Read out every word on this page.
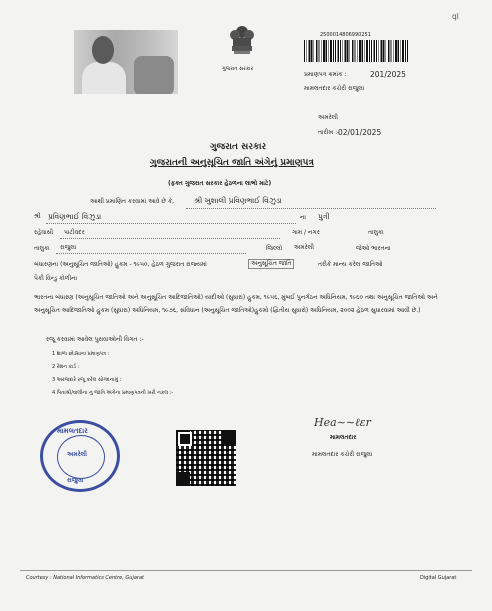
ગુજરાત સરકાર
2500014806990251
ql
પ્રમાણપત્ર ક્રમાંક :	201/2025
મામલતદાર કચેરી રાજુલા
અમરેલી
તારીખ :-
02/01/2025
ગુજરાત સરકાર
ગુજરાતની અનુસૂચિત જાતિ અંગેનું પ્રમાણપત્ર
(ફક્ત ગુજરાત સરકાર હેઠળના લાભો માટે)
આથી પ્રમાણિત કરવામાં આવે છે કે,	શ્રી ખુશાલી પ્રવિણભાઈ વિંઝુડા
શ્રી પ્રવિણભાઈ વિંઝુડા	ના પુત્રી
રહેવાસી પાટીવદર	ગામ / નગર	તાલુકા
તાલુકા રાજુલા	જિલ્લો અમરેલી	જેઓ ભારતના
બંધારણના (અનુસૂચિત જાતિઓ) હુકમ - ૧૯૫૦, હેઠળ ગુજરાત રાજ્યમાં	અનુસૂચિત જાતિ	તરીકે માન્ય કરેલ જાતિઓ
પૈકી વિન્ડુ કોળીના
ભારતના બંધારણ (અનુસૂચિત જાતિઓ અને અનુસૂચિત આદિજાતિઓ) યાદીઓ (સુધારા) હુકમ, ૧૯૫૬, મુંબઈ પુનર્ગઠન અધિનિયમ, ૧૯૬૦ તથા અનુસૂચિત જાતિઓ અને અનુસૂચિત આદિજાતિઓ હુકમ (સુધારા) અધિનિયમ, ૧૯૭૬, સંવિધાન (અનુસૂચિત જાતિઓ)હુકમો (દ્વિતીય સુધારો) અધિનિયમ, ૨૦૦૨ હેઠળ સુધારવામાં આવી છે.)
રજૂ કરવામાં આવેલ પુરાવાઓની વિગત :-
1 શાળા છોડ્યાના પ્રમાણપત્ર :
2 રેશન કાર્ડ :
3 અરજદારે રજૂ કરેલ સોગંદનામું :
4 પિતાશ્રી/વાલીના નું જાતિ અંગેના પ્રમાણપત્રની ખરી નકલ :-
મામલતદાર
અમરેલી
રાજુલા
Hea∼∼ℓεr
મામલતદાર
મામલતદાર કચેરી રાજુલા
Courtesy : National Informatics Centre, Gujarat	Digital Gujarat
